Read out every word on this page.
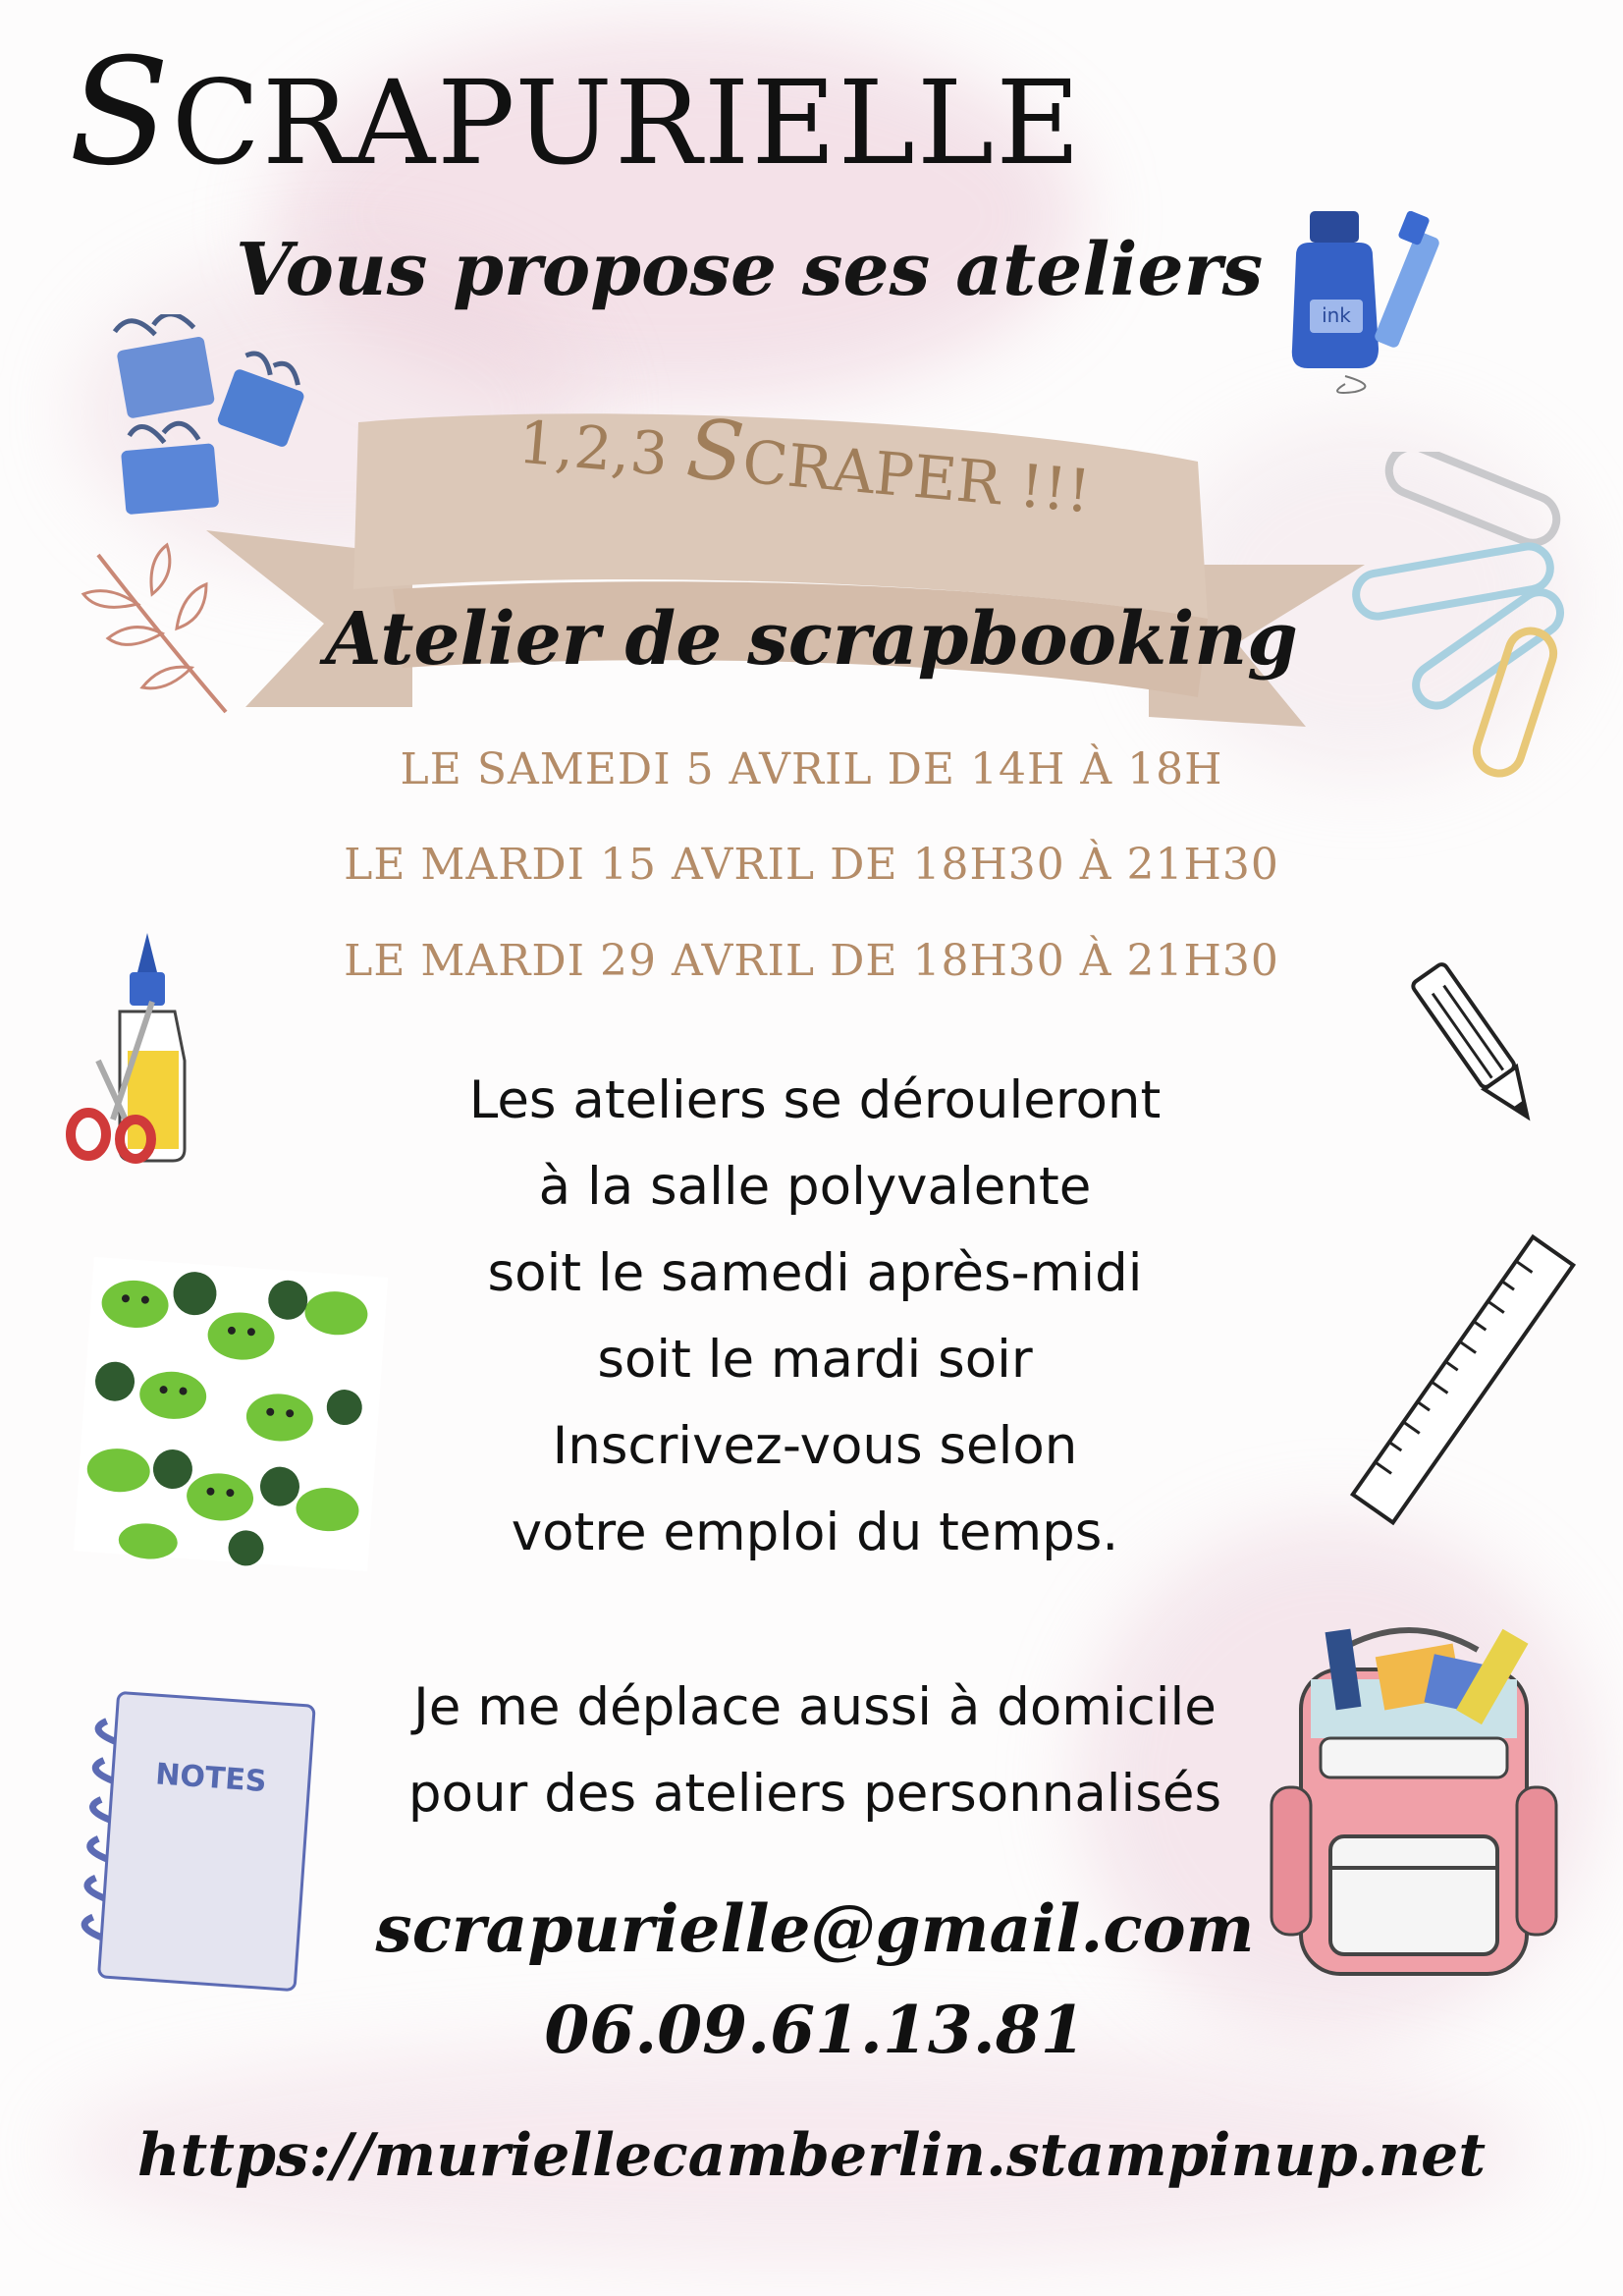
SCRAPURIELLE
Vous propose ses ateliers
1,2,3 SCRAPER !!!
Atelier de scrapbooking
LE SAMEDI 5 AVRIL DE 14H À 18H
LE MARDI 15 AVRIL DE 18H30 À 21H30
LE MARDI 29 AVRIL DE 18H30 À 21H30
Les ateliers se dérouleront
à la salle polyvalente
soit le samedi après-midi
soit le mardi soir
Inscrivez-vous selon
votre emploi du temps.
Je me déplace aussi à domicile
pour des ateliers personnalisés
scrapurielle@gmail.com
06.09.61.13.81
https://muriellecamberlin.stampinup.net
ink
NOTES
